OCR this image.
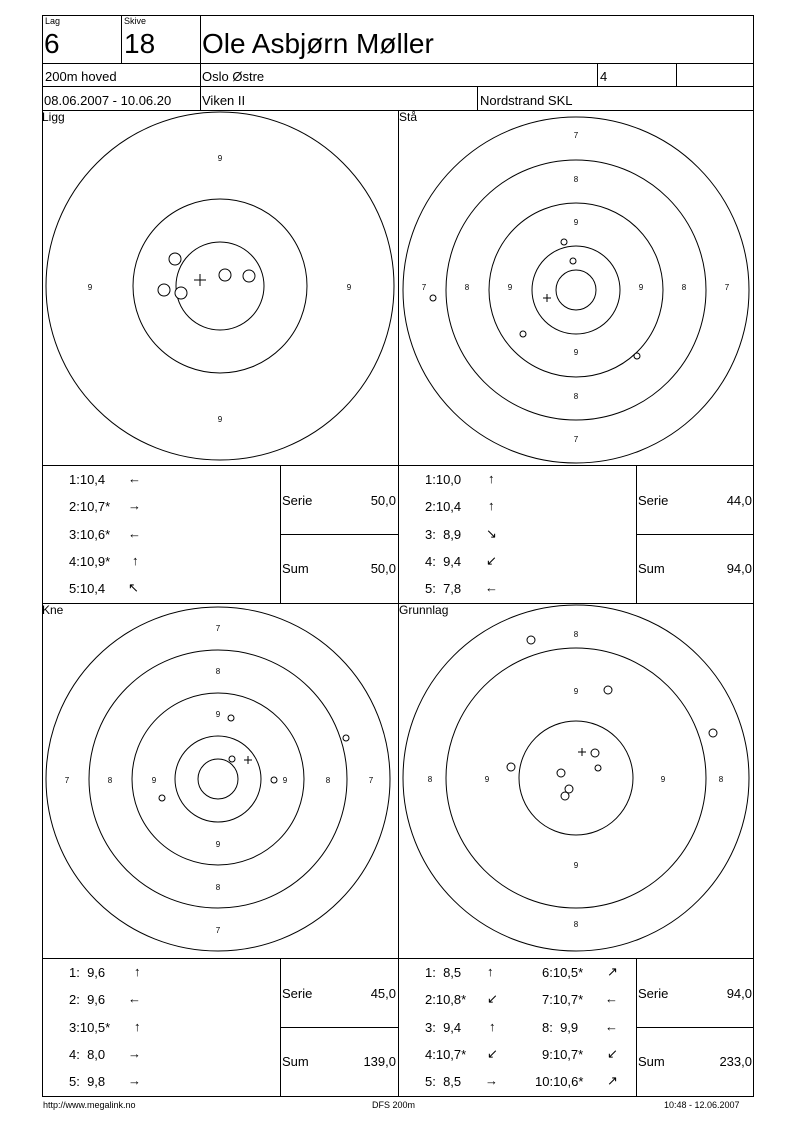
Lag
6
Skive
18 Ole Asbjørn Møller
200m hoved	Oslo Østre	4
08.06.2007 - 10.06.20 Viken II	Nordstrand SKL
Ligg	Stå
Kne	Grunnlag
9
9
9	9
7
8
9
9
8
7
7	8	9	9	8	7
7
8
9
9
8
7
7	8	9	9	8	7
8
9
9
8
8	9	9	8
1:10,4 ←
2:10,7* →
3:10,6* ←
4:10,9* ↑
5:10,4 ↖
Serie	50,0
Sum	50,0
1:10,0 ↑
2:10,4 ↑
3:  8,9 ↘
4:  9,4 ↙
5:  7,8 ←
Serie	44,0
Sum	94,0
1:  9,6 ↑
2:  9,6 ←
3:10,5* ↑
4:  8,0 →
5:  9,8 →
Serie	45,0
Sum	139,0
1:  8,5 ↑
2:10,8* ↙
3:  9,4 ↑
4:10,7* ↙
5:  8,5 →
6:10,5* ↗
7:10,7* ←
8:  9,9 ←
9:10,7* ↙
10:10,6* ↗
Serie	94,0
Sum	233,0
http://www.megalink.no	DFS 200m	10:48 - 12.06.2007
